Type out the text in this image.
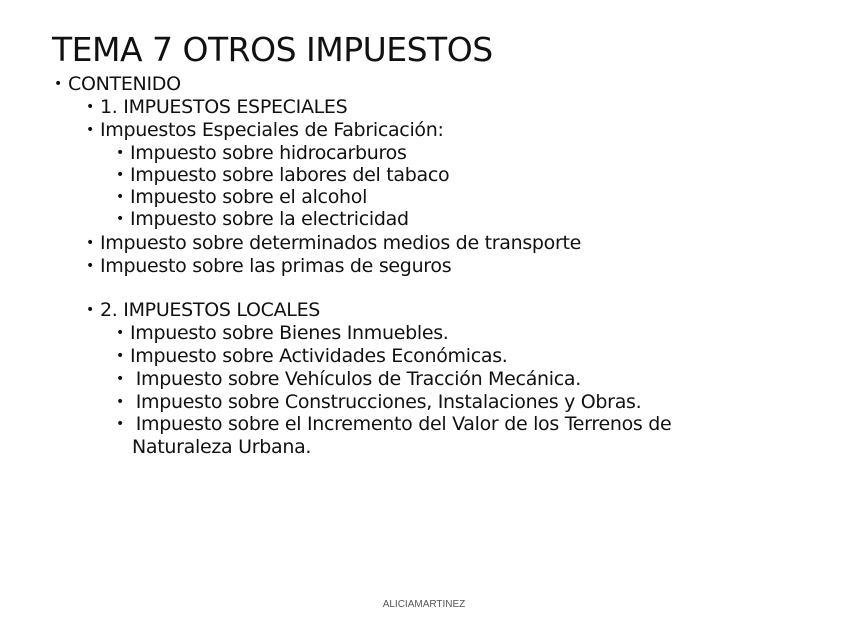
TEMA 7 OTROS IMPUESTOS
• CONTENIDO
• 1. IMPUESTOS ESPECIALES
• Impuestos Especiales de Fabricación:
• Impuesto sobre hidrocarburos
• Impuesto sobre labores del tabaco
• Impuesto sobre el alcohol
• Impuesto sobre la electricidad
• Impuesto sobre determinados medios de transporte
• Impuesto sobre las primas de seguros
• 2. IMPUESTOS LOCALES
• Impuesto sobre Bienes Inmuebles.
• Impuesto sobre Actividades Económicas.
• Impuesto sobre Vehículos de Tracción Mecánica.
• Impuesto sobre Construcciones, Instalaciones y Obras.
• Impuesto sobre el Incremento del Valor de los Terrenos de
Naturaleza Urbana.
ALICIAMARTINEZ
